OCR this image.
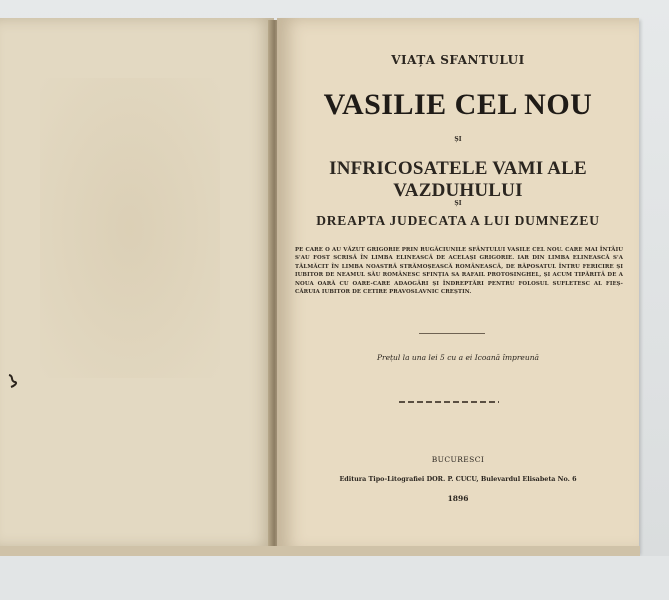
VIAȚA SFANTULUI

VASILIE CEL NOU

ȘI

INFRICOSATELE VAMI ALE VAZDUHULUI

ȘI

DREAPTA JUDECATA A LUI DUMNEZEU

PE CARE O AU VĂZUT GRIGORIE PRIN RUGĂCIUNILE SFÂNTULUI VASILE CEL NOU. CARE MAI ÎNTÂIU S'AU FOST SCRISĂ ÎN LIMBA ELINEASCĂ DE ACELAȘI GRIGORIE. IAR DIN LIMBA ELINEASCĂ S'A TĂLMĂCIT ÎN LIMBA NOASTRĂ STRĂMOȘEASCĂ ROMÂNEASCĂ, DE RĂPOSATUL ÎNTRU FERICIRE ȘI IUBITOR DE NEAMUL SĂU ROMÂNESC SFINȚIA SA RAFAIL PROTOSINGHEL, ȘI ACUM TIPĂRITĂ DE A NOUA OARĂ CU OARE-CARE ADAOGĂRI ȘI ÎNDREPTĂRI PENTRU FOLOSUL SUFLETESC AL FIEȘ-CĂRUIA IUBITOR DE CETIRE PRAVOSLAVNIC CREȘTIN.

Prețul la una lei 5 cu a ei Icoană împreună

BUCURESCI

Editura Tipo-Litografiei DOR. P. CUCU, Bulevardul Elisabeta No. 6

1896
